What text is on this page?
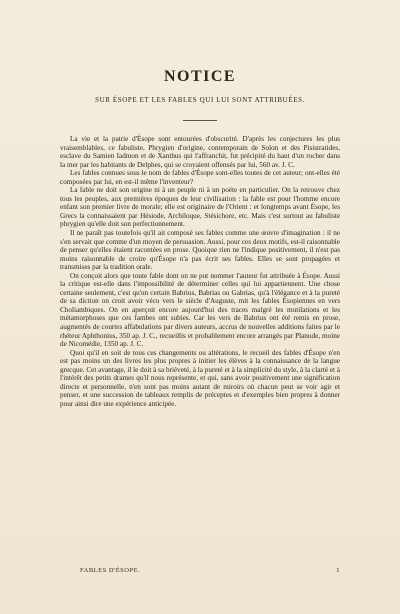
NOTICE
SUR ÉSOPE ET LES FABLES QUI LUI SONT ATTRIBUÉES.

La vie et la patrie d'Ésope sont entourées d'obscurité. D'après les conjectures les plus vraisemblables, ce fabuliste, Phrygien d'origine, contemporain de Solon et des Pisistratides, esclave du Samien Iadmon et de Xanthus qui l'affranchit, fut précipité du haut d'un rocher dans la mer par les habitants de Delphes, qui se croyaient offensés par lui, 560 av. J. C.

Les fables connues sous le nom de fables d'Ésope sont-elles toutes de cet auteur; ont-elles été composées par lui, en est-il même l'inventeur?

La fable ne doit son origine ni à un peuple ni à un poëte en particulier. On la retrouve chez tous les peuples, aux premières époques de leur civilisation : la fable est pour l'homme encore enfant son premier livre de morale; elle est originaire de l'Orient : et longtemps avant Ésope, les Grecs la connaissaient par Hésiode, Archiloque, Stésichore, etc. Mais c'est surtout au fabuliste phrygien qu'elle doit son perfectionnement.

Il ne paraît pas toutefois qu'il ait composé ses fables comme une œuvre d'imagination : il ne s'en servait que comme d'un moyen de persuasion. Aussi, pour ces deux motifs, est-il raisonnable de penser qu'elles étaient racontées en prose. Quoique rien ne l'indique positivement, il n'est pas moins raisonnable de croire qu'Ésope n'a pas écrit ses fables. Elles se sont propagées et transmises par la tradition orale.

On conçoit alors que toute fable dont on ne put nommer l'auteur fut attribuée à Ésope. Aussi la critique est-elle dans l'impossibilité de déterminer celles qui lui appartiennent. Une chose certaine seulement, c'est qu'un certain Babrius, Babrias ou Gabrias, qu'à l'élégance et à la pureté de sa diction on croit avoir vécu vers le siècle d'Auguste, mit les fables Ésopiennes en vers Choliambiques. On en aperçoit encore aujourd'hui des traces malgré les mutilations et les métamorphoses que ces fambes ont subies. Car les vers de Babrius ont été remis en prose, augmentés de courtes affabulations par divers auteurs, accrus de nouvelles additions faites par le rhéteur Aphthonius, 350 ap. J. C., recueillis et probablement encore arrangés par Planude, moine de Nicomédie, 1350 ap. J. C.

Quoi qu'il en soit de tous ces changements ou altérations, le recueil des fables d'Ésope n'en est pas moins un des livres les plus propres à initier les élèves à la connaissance de la langue grecque. Cet avantage, il le doit à sa brièveté, à la pureté et à la simplicité du style, à la clarté et à l'intérêt des petits drames qu'il nous représente, et qui, sans avoir positivement une signification directe et personnelle, n'en sont pas moins autant de miroirs où chacun peut se voir agir et penser, et une succession de tableaux remplis de préceptes et d'exemples bien propres à donner pour ainsi dire une expérience anticipée.

FABLES D'ÉSOPE.	1
